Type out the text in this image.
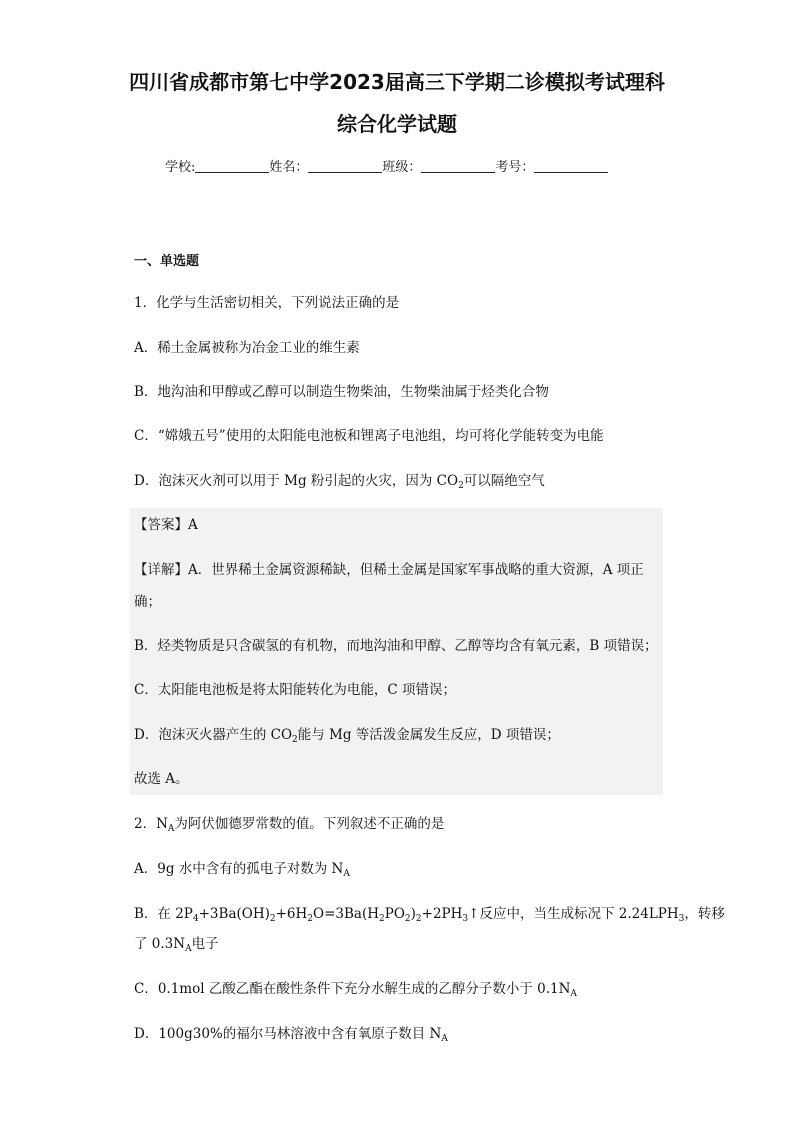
四川省成都市第七中学2023届高三下学期二诊模拟考试理科
综合化学试题
学校:	姓名：	班级：	考号：
一、单选题
1．化学与生活密切相关，下列说法正确的是
A．稀土金属被称为冶金工业的维生素
B．地沟油和甲醇或乙醇可以制造生物柴油，生物柴油属于烃类化合物
C．“嫦娥五号”使用的太阳能电池板和锂离子电池组，均可将化学能转变为电能
D．泡沫灭火剂可以用于 Mg 粉引起的火灾，因为 $CO_2$可以隔绝空气
【答案】A
【详解】A．世界稀土金属资源稀缺，但稀土金属是国家军事战略的重大资源，A 项正
确；
B．烃类物质是只含碳氢的有机物，而地沟油和甲醇、乙醇等均含有氧元素，B 项错误；
C．太阳能电池板是将太阳能转化为电能，C 项错误；
D．泡沫灭火器产生的 $CO_2$能与 Mg 等活泼金属发生反应，D 项错误；
故选 A。
2．$N_A$为阿伏伽德罗常数的值。下列叙述不正确的是
A．9g 水中含有的孤电子对数为 $N_A$
B．在 $2P_4+3Ba(OH)_2+6H_2O=3Ba(H_2PO_2)_2+2PH_3↑$反应中，当生成标况下 $2.24LPH_3$，转移
了 $0.3N_A$电子
C．0.1mol 乙酸乙酯在酸性条件下充分水解生成的乙醇分子数小于 $0.1N_A$
D．100g30%的福尔马林溶液中含有氧原子数目 $N_A$
